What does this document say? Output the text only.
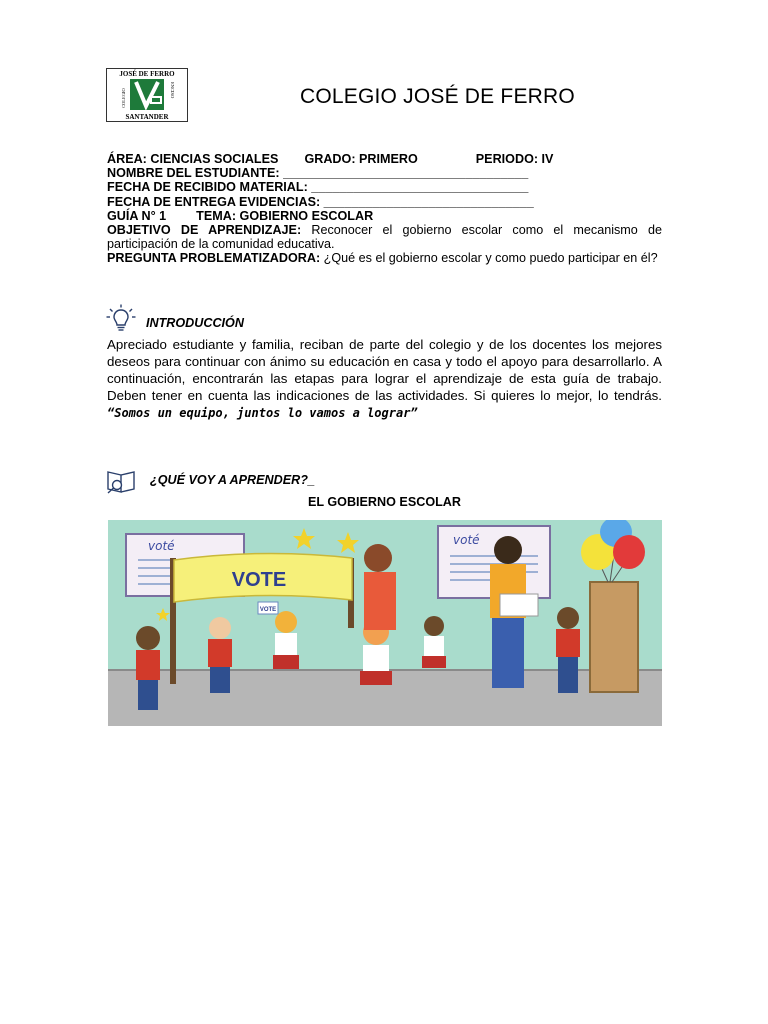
JOSÉ DE FERRO
SANTANDER
COLEGIO	ENCISO	COLEGIO JOSÉ DE FERRO
ÁREA: CIENCIAS SOCIALES GRADO: PRIMERO	PERIODO: IV
NOMBRE DEL ESTUDIANTE: ___________________________________
FECHA DE RECIBIDO MATERIAL: _______________________________
FECHA DE ENTREGA EVIDENCIAS: ______________________________
GUÍA N° 1 TEMA: GOBIERNO ESCOLAR
OBJETIVO DE APRENDIZAJE: Reconocer el gobierno escolar como el mecanismo de participación de la comunidad educativa.
PREGUNTA PROBLEMATIZADORA: ¿Qué es el gobierno escolar y como puedo participar en él?
INTRODUCCIÓN
Apreciado estudiante y familia, reciban de parte del colegio y de los docentes los mejores deseos para continuar con ánimo su educación en casa y todo el apoyo para desarrollarlo. A continuación, encontrarán las etapas para lograr el aprendizaje de esta guía de trabajo. Deben tener en cuenta las indicaciones de las actividades. Si quieres lo mejor, lo tendrás. “Somos un equipo, juntos lo vamos a lograr”
¿QUÉ VOY A APRENDER?_
EL GOBIERNO ESCOLAR
voté	voté
VOTE
VOTE
